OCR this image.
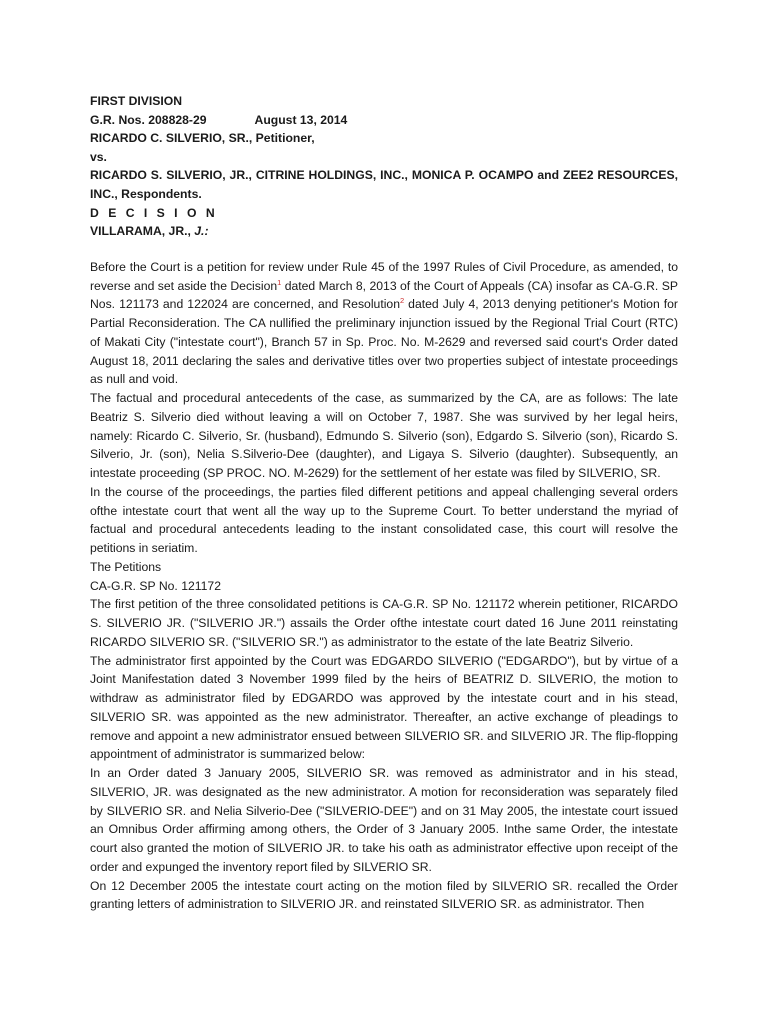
FIRST DIVISION
G.R. Nos. 208828-29	August 13, 2014
RICARDO C. SILVERIO, SR., Petitioner,
vs.
RICARDO S. SILVERIO, JR., CITRINE HOLDINGS, INC., MONICA P. OCAMPO and ZEE2 RESOURCES, INC., Respondents.
D E C I S I O N
VILLARAMA, JR., J.:

Before the Court is a petition for review under Rule 45 of the 1997 Rules of Civil Procedure, as amended, to reverse and set aside the Decision$^1$ dated March 8, 2013 of the Court of Appeals (CA) insofar as CA-G.R. SP Nos. 121173 and 122024 are concerned, and Resolution$^2$ dated July 4, 2013 denying petitioner's Motion for Partial Reconsideration. The CA nullified the preliminary injunction issued by the Regional Trial Court (RTC) of Makati City ("intestate court"), Branch 57 in Sp. Proc. No. M-2629 and reversed said court's Order dated August 18, 2011 declaring the sales and derivative titles over two properties subject of intestate proceedings as null and void.

The factual and procedural antecedents of the case, as summarized by the CA, are as follows: The late Beatriz S. Silverio died without leaving a will on October 7, 1987. She was survived by her legal heirs, namely: Ricardo C. Silverio, Sr. (husband), Edmundo S. Silverio (son), Edgardo S. Silverio (son), Ricardo S. Silverio, Jr. (son), Nelia S.Silverio-Dee (daughter), and Ligaya S. Silverio (daughter). Subsequently, an intestate proceeding (SP PROC. NO. M-2629) for the settlement of her estate was filed by SILVERIO, SR.

In the course of the proceedings, the parties filed different petitions and appeal challenging several orders ofthe intestate court that went all the way up to the Supreme Court. To better understand the myriad of factual and procedural antecedents leading to the instant consolidated case, this court will resolve the petitions in seriatim.

The Petitions

CA-G.R. SP No. 121172

The first petition of the three consolidated petitions is CA-G.R. SP No. 121172 wherein petitioner, RICARDO S. SILVERIO JR. ("SILVERIO JR.") assails the Order ofthe intestate court dated 16 June 2011 reinstating RICARDO SILVERIO SR. ("SILVERIO SR.") as administrator to the estate of the late Beatriz Silverio.

The administrator first appointed by the Court was EDGARDO SILVERIO ("EDGARDO"), but by virtue of a Joint Manifestation dated 3 November 1999 filed by the heirs of BEATRIZ D. SILVERIO, the motion to withdraw as administrator filed by EDGARDO was approved by the intestate court and in his stead, SILVERIO SR. was appointed as the new administrator. Thereafter, an active exchange of pleadings to remove and appoint a new administrator ensued between SILVERIO SR. and SILVERIO JR. The flip-flopping appointment of administrator is summarized below:

In an Order dated 3 January 2005, SILVERIO SR. was removed as administrator and in his stead, SILVERIO, JR. was designated as the new administrator. A motion for reconsideration was separately filed by SILVERIO SR. and Nelia Silverio-Dee ("SILVERIO-DEE") and on 31 May 2005, the intestate court issued an Omnibus Order affirming among others, the Order of 3 January 2005. Inthe same Order, the intestate court also granted the motion of SILVERIO JR. to take his oath as administrator effective upon receipt of the order and expunged the inventory report filed by SILVERIO SR.

On 12 December 2005 the intestate court acting on the motion filed by SILVERIO SR. recalled the Order granting letters of administration to SILVERIO JR. and reinstated SILVERIO SR. as administrator. Then
